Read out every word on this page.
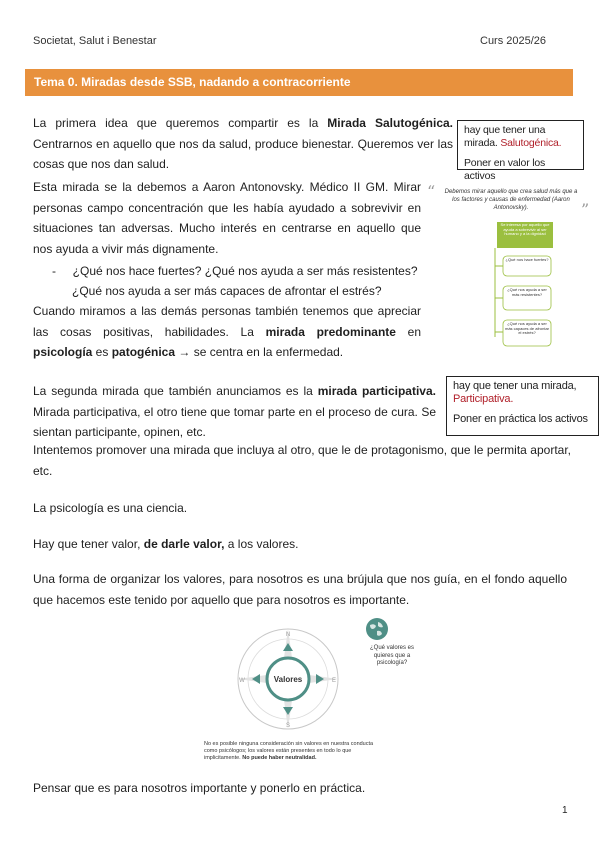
Societat, Salut i Benestar	Curs 2025/26
Tema 0. Miradas desde SSB, nadando a contracorriente
La primera idea que queremos compartir es la Mirada Salutogénica. Centrarnos en aquello que nos da salud, produce bienestar. Queremos ver las cosas que nos dan salud.
Esta mirada se la debemos a Aaron Antonovsky. Médico II GM. Mirar personas campo concentración que les había ayudado a sobrevivir en situaciones tan adversas. Mucho interés en centrarse en aquello que nos ayuda a vivir más dignamente.
- ¿Qué nos hace fuertes? ¿Qué nos ayuda a ser más resistentes?
¿Qué nos ayuda a ser más capaces de afrontar el estrés?
Cuando miramos a las demás personas también tenemos que apreciar las cosas positivas, habilidades. La mirada predominante en psicología es patogénica → se centra en la enfermedad.
La segunda mirada que también anunciamos es la mirada participativa. Mirada participativa, el otro tiene que tomar parte en el proceso de cura. Se sientan participante, opinen, etc.
Intentemos promover una mirada que incluya al otro, que le de protagonismo, que le permita aportar, etc.
La psicología es una ciencia.
Hay que tener valor, de darle valor, a los valores.
Una forma de organizar los valores, para nosotros es una brújula que nos guía, en el fondo aquello que hacemos este tenido por aquello que para nosotros es importante.
Pensar que es para nosotros importante y ponerlo en práctica.
hay que tener una
mirada. Salutogénica.
Poner en valor los activos
hay que tener una mirada,
Participativa.
Poner en práctica los activos
“	Debemos mirar aquello que crea salud más que a los factores y causas de enfermedad (Aaron Antonovsky).	”
Se interesa por aquello que ayuda a sobrevivir al ser humano y a la dignidad
¿Qué nos hace fuertes?
¿Qué nos ayuda a ser más resistentes?
¿Qué nos ayuda a ser más capaces de afrontar el estrés?
Valores
N
S
E
W
¿Qué valores es quieres que a psicología?
No es posible ninguna consideración sin valores en nuestra conducta como psicólogos; los valores están presentes en todo lo que implicitamente. No puede haber neutralidad.
1
